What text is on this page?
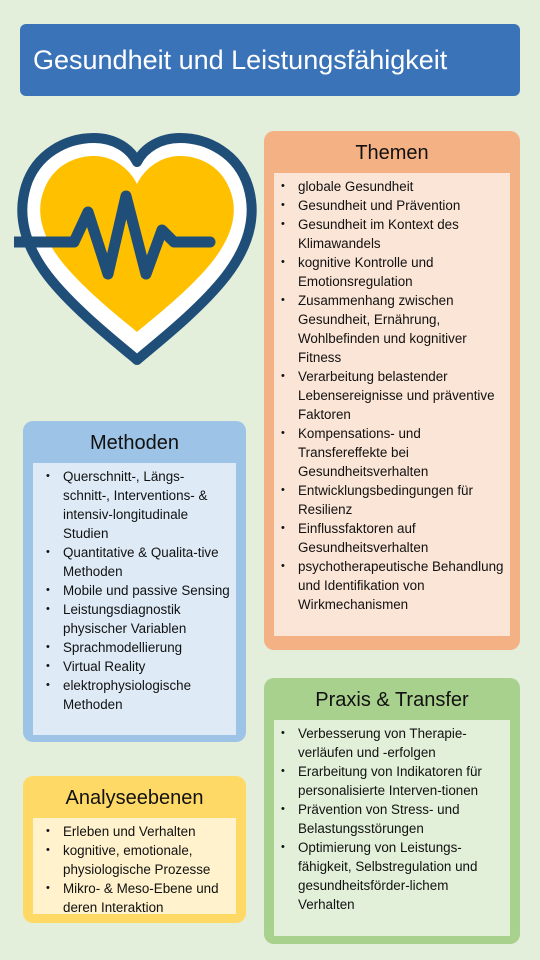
Gesundheit und Leistungsfähigkeit
Themen
• globale Gesundheit
• Gesundheit und Prävention
• Gesundheit im Kontext des Klimawandels
• kognitive Kontrolle und Emotionsregulation
• Zusammenhang zwischen Gesundheit, Ernährung, Wohlbefinden und kognitiver Fitness
• Verarbeitung belastender Lebensereignisse und präventive Faktoren
• Kompensations- und Transfereffekte bei Gesundheitsverhalten
• Entwicklungsbedingungen für Resilienz
• Einflussfaktoren auf Gesundheitsverhalten
• psychotherapeutische Behandlung und Identifikation von Wirkmechanismen
Methoden
• Querschnitt-, Längs-schnitt-, Interventions- & intensiv-longitudinale Studien
• Quantitative & Qualita-tive Methoden
• Mobile und passive Sensing
• Leistungsdiagnostik physischer Variablen
• Sprachmodellierung
• Virtual Reality
• elektrophysiologische Methoden	Praxis & Transfer
• Verbesserung von Therapie-verläufen und -erfolgen
• Erarbeitung von Indikatoren für personalisierte Interven-tionen
• Prävention von Stress- und Belastungsstörungen
• Optimierung von Leistungs-fähigkeit, Selbstregulation und gesundheitsförder-lichem Verhalten
Analyseebenen
• Erleben und Verhalten
• kognitive, emotionale, physiologische Prozesse
• Mikro- & Meso-Ebene und deren Interaktion
